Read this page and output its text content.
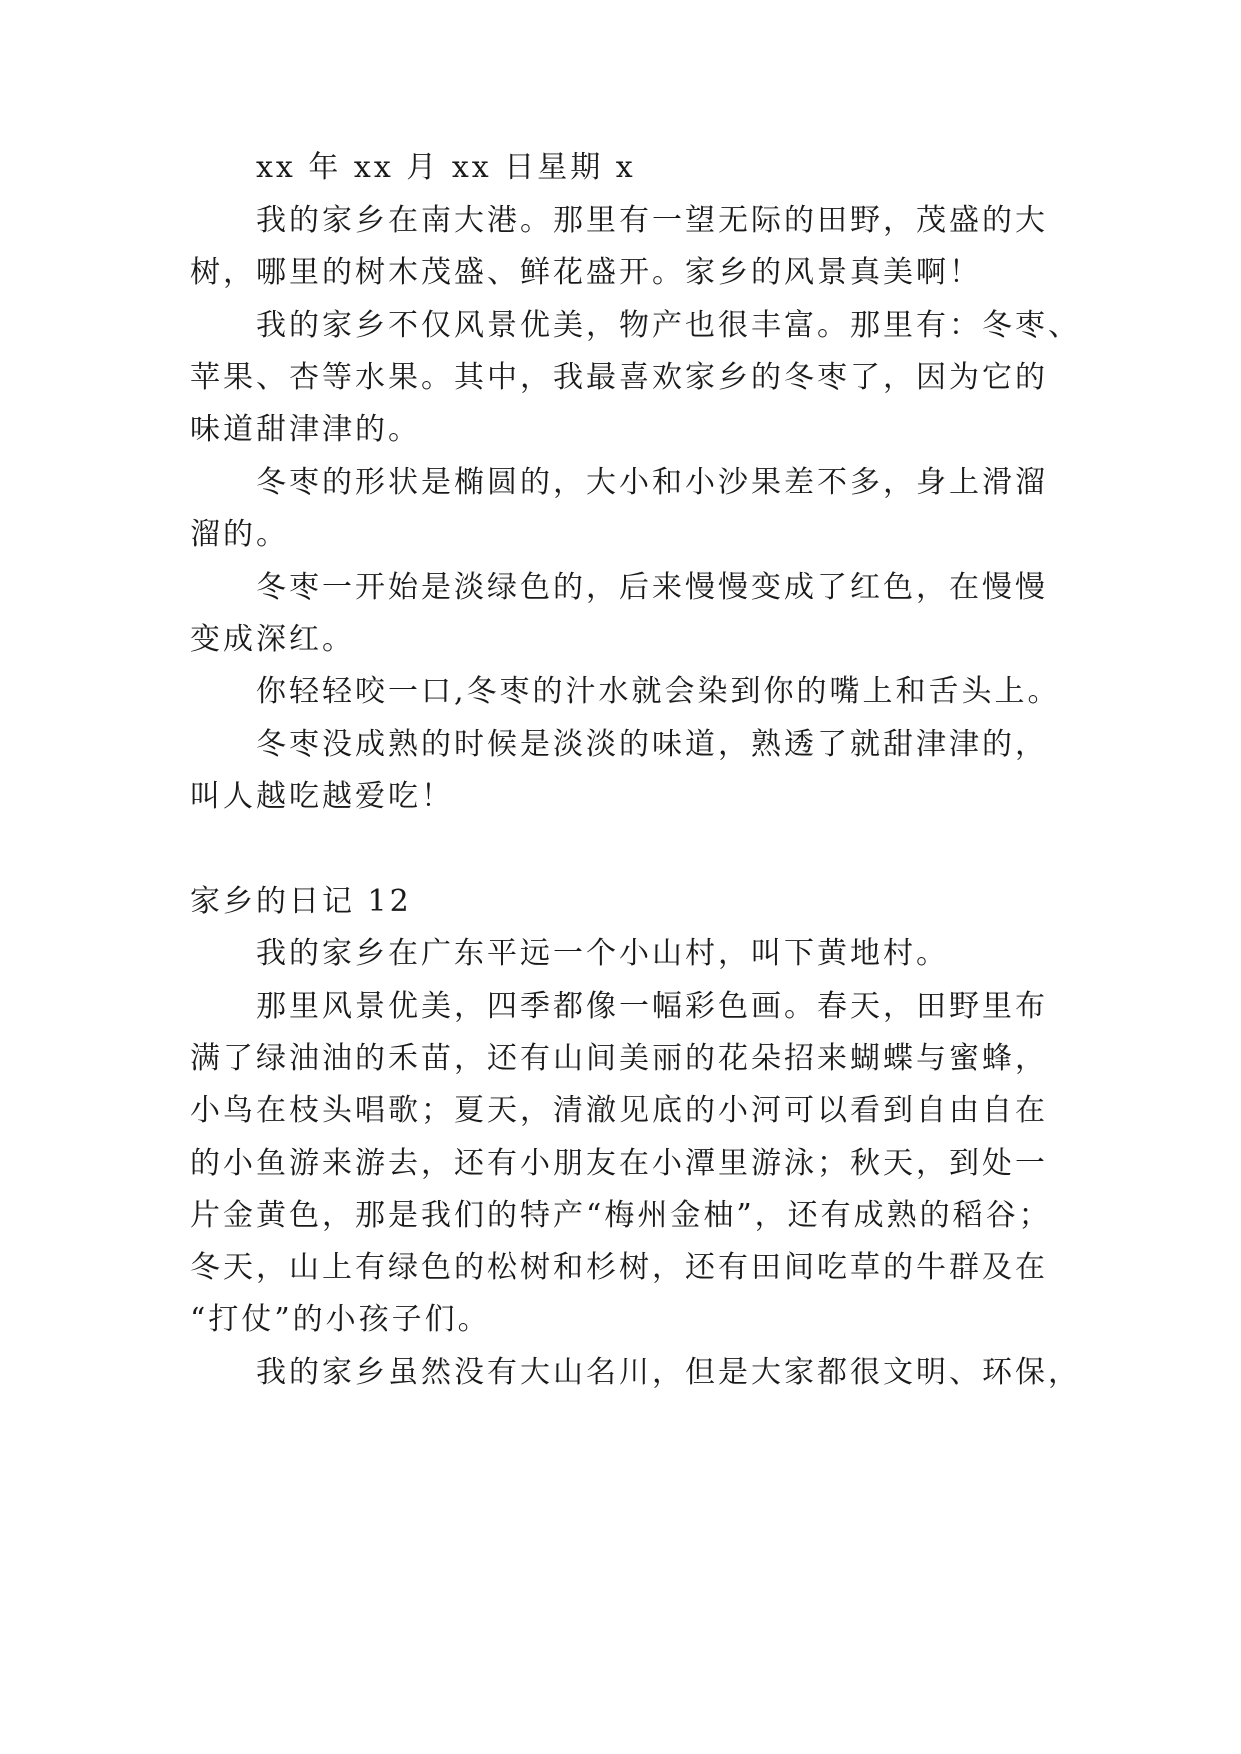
xx 年 xx 月 xx 日星期 x
我的家乡在南大港。那里有一望无际的田野，茂盛的大
树，哪里的树木茂盛、鲜花盛开。家乡的风景真美啊！
我的家乡不仅风景优美，物产也很丰富。那里有：冬枣、
苹果、杏等水果。其中，我最喜欢家乡的冬枣了，因为它的
味道甜津津的。
冬枣的形状是椭圆的，大小和小沙果差不多，身上滑溜
溜的。
冬枣一开始是淡绿色的，后来慢慢变成了红色，在慢慢
变成深红。
你轻轻咬一口,冬枣的汁水就会染到你的嘴上和舌头上。
冬枣没成熟的时候是淡淡的味道，熟透了就甜津津的，
叫人越吃越爱吃！
家乡的日记 12
我的家乡在广东平远一个小山村，叫下黄地村。
那里风景优美，四季都像一幅彩色画。春天，田野里布
满了绿油油的禾苗，还有山间美丽的花朵招来蝴蝶与蜜蜂，
小鸟在枝头唱歌；夏天，清澈见底的小河可以看到自由自在
的小鱼游来游去，还有小朋友在小潭里游泳；秋天，到处一
片金黄色，那是我们的特产“梅州金柚”，还有成熟的稻谷；
冬天，山上有绿色的松树和杉树，还有田间吃草的牛群及在
“打仗”的小孩子们。
我的家乡虽然没有大山名川，但是大家都很文明、环保，
